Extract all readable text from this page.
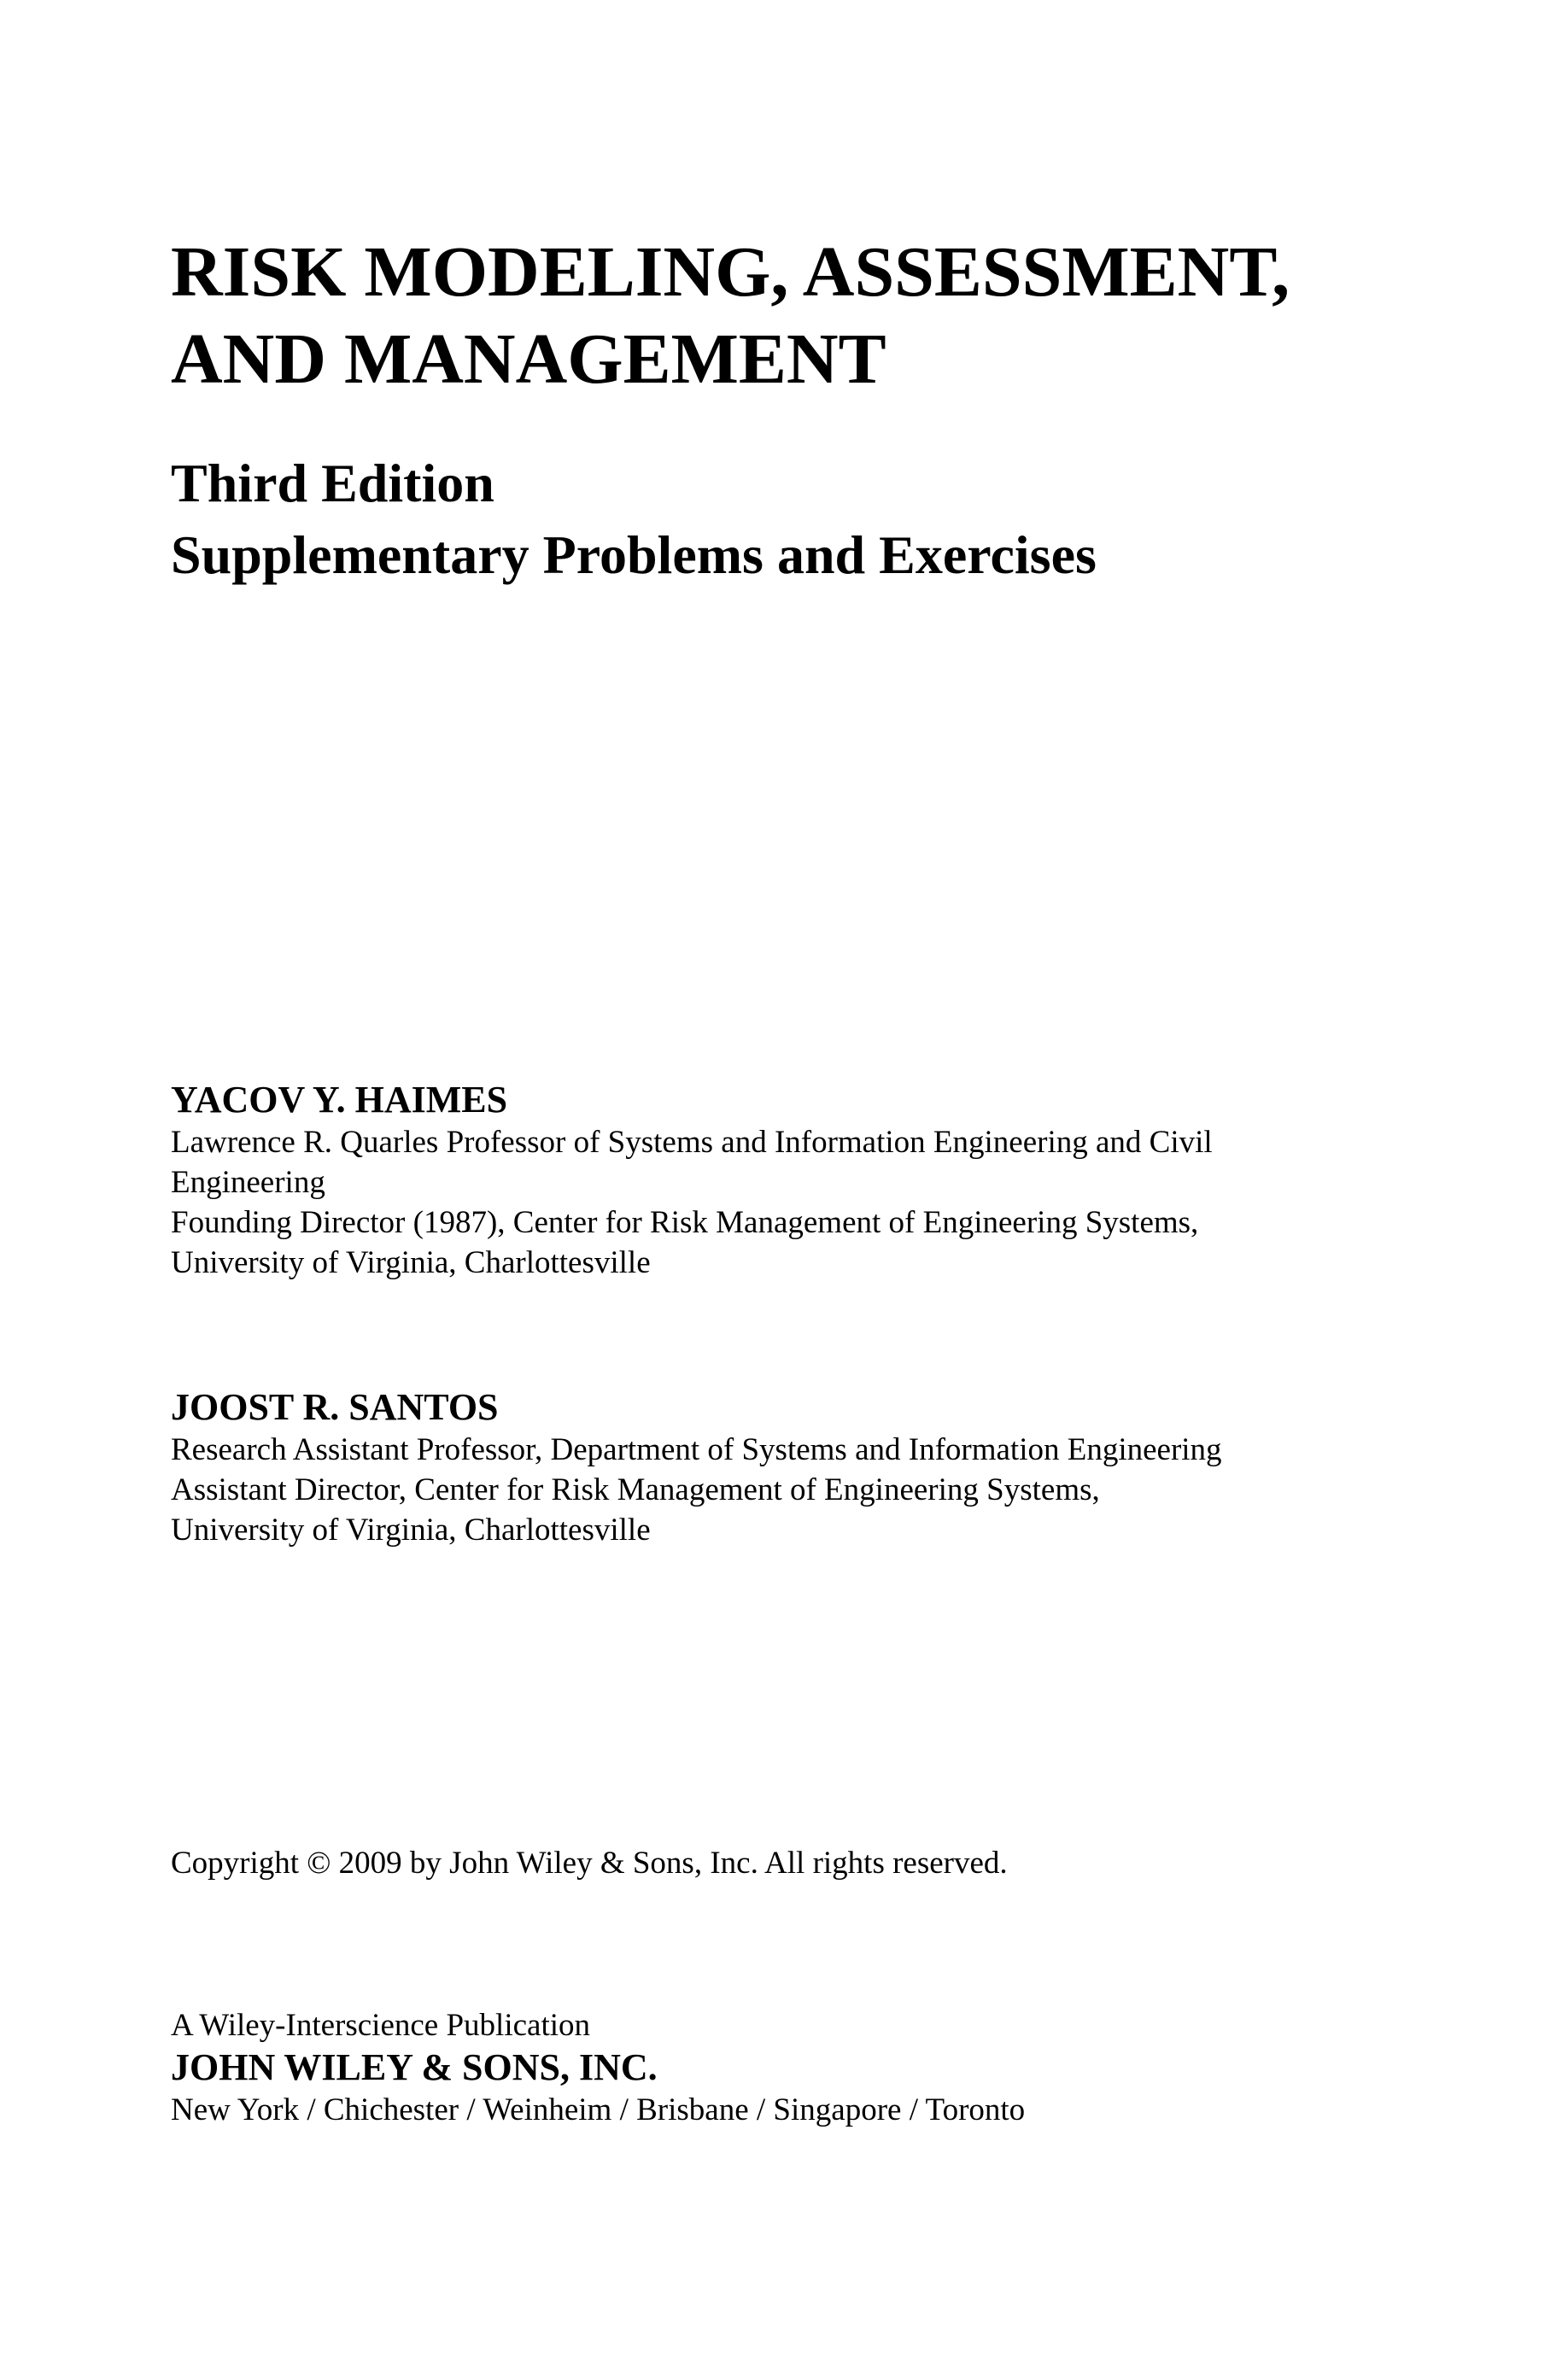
RISK MODELING, ASSESSMENT,

AND MANAGEMENT

Third Edition

Supplementary Problems and Exercises

YACOV Y. HAIMES

Lawrence R. Quarles Professor of Systems and Information Engineering and Civil

Engineering

Founding Director (1987), Center for Risk Management of Engineering Systems,

University of Virginia, Charlottesville

JOOST R. SANTOS

Research Assistant Professor, Department of Systems and Information Engineering

Assistant Director, Center for Risk Management of Engineering Systems,

University of Virginia, Charlottesville

Copyright © 2009 by John Wiley & Sons, Inc. All rights reserved.

A Wiley-Interscience Publication

JOHN WILEY & SONS, INC.

New York / Chichester / Weinheim / Brisbane / Singapore / Toronto
